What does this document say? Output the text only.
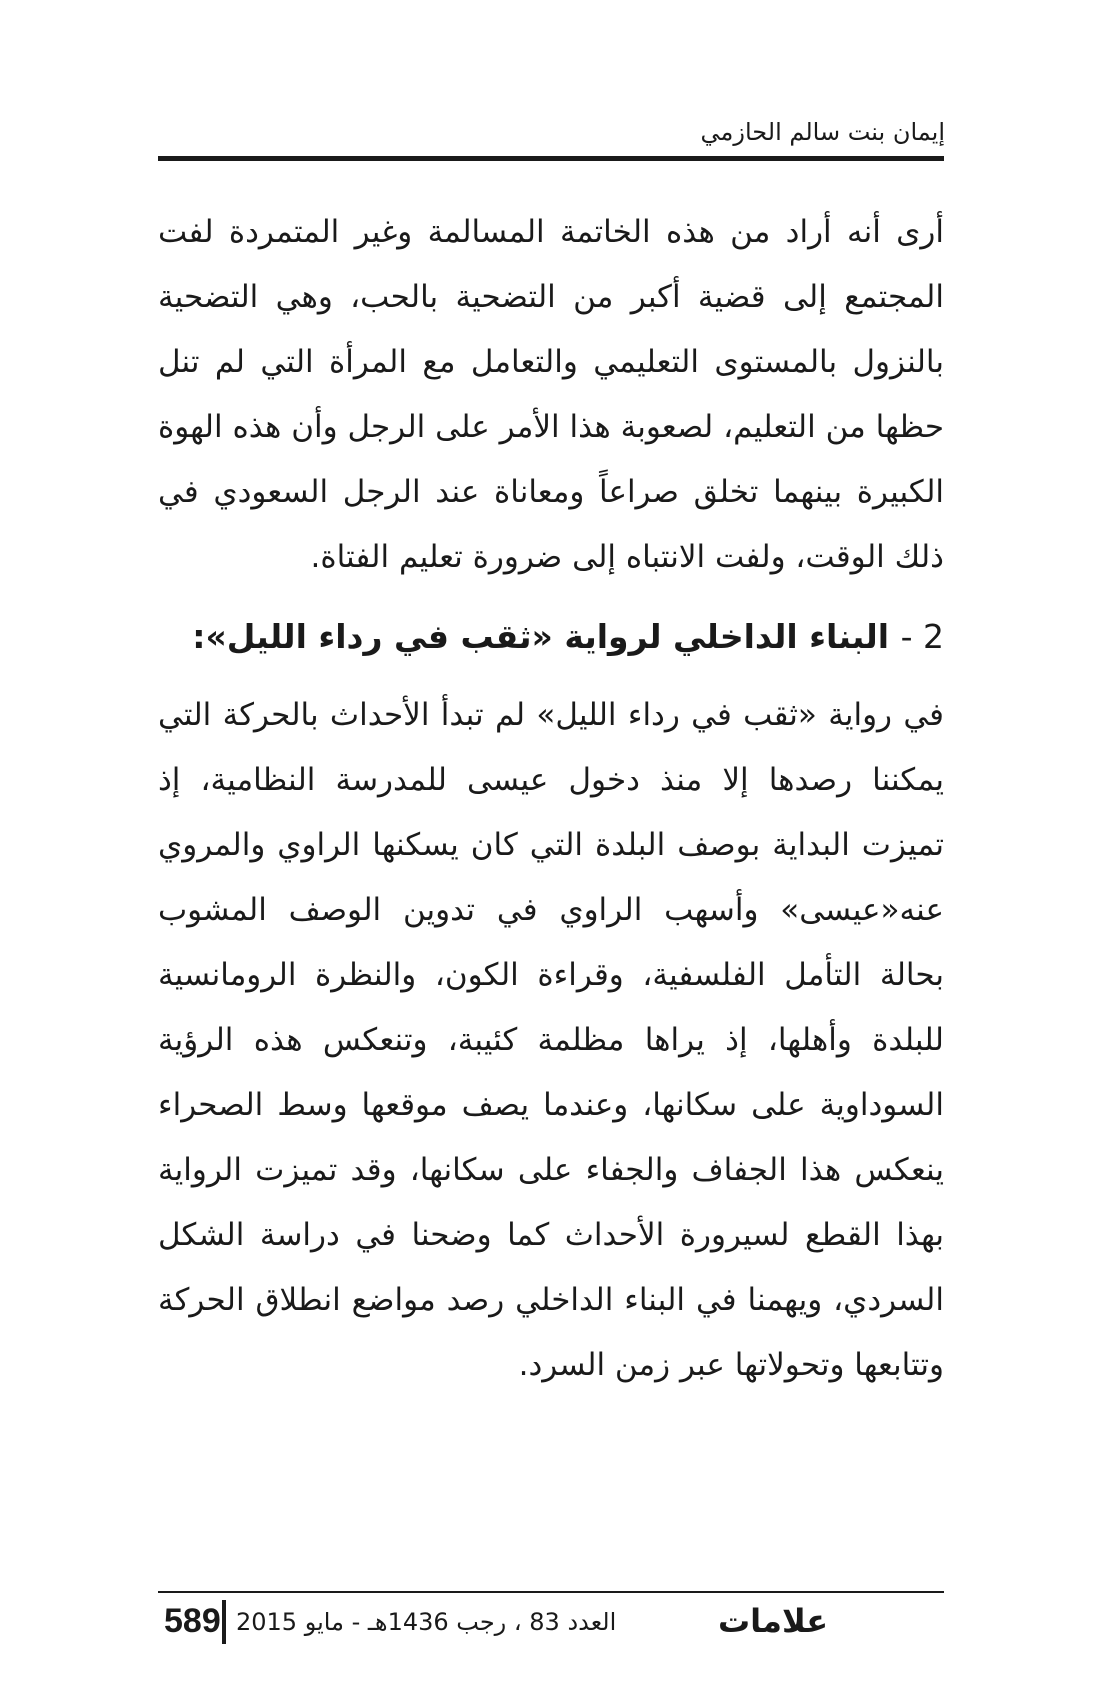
إيمان بنت سالم الحازمي

أرى أنه أراد من هذه الخاتمة المسالمة وغير المتمردة لفت المجتمع إلى قضية أكبر من التضحية بالحب، وهي التضحية بالنزول بالمستوى التعليمي والتعامل مع المرأة التي لم تنل حظها من التعليم، لصعوبة هذا الأمر على الرجل وأن هذه الهوة الكبيرة بينهما تخلق صراعاً ومعاناة عند الرجل السعودي في ذلك الوقت، ولفت الانتباه إلى ضرورة تعليم الفتاة.

2 - البناء الداخلي لرواية «ثقب في رداء الليل»:

في رواية «ثقب في رداء الليل» لم تبدأ الأحداث بالحركة التي يمكننا رصدها إلا منذ دخول عيسى للمدرسة النظامية، إذ تميزت البداية بوصف البلدة التي كان يسكنها الراوي والمروي عنه«عيسى» وأسهب الراوي في تدوين الوصف المشوب بحالة التأمل الفلسفية، وقراءة الكون، والنظرة الرومانسية للبلدة وأهلها، إذ يراها مظلمة كئيبة، وتنعكس هذه الرؤية السوداوية على سكانها، وعندما يصف موقعها وسط الصحراء ينعكس هذا الجفاف والجفاء على سكانها، وقد تميزت الرواية بهذا القطع لسيرورة الأحداث كما وضحنا في دراسة الشكل السردي، ويهمنا في البناء الداخلي رصد مواضع انطلاق الحركة وتتابعها وتحولاتها عبر زمن السرد.

589 العدد 83 ، رجب 1436هـ - مايو 2015	علامات
